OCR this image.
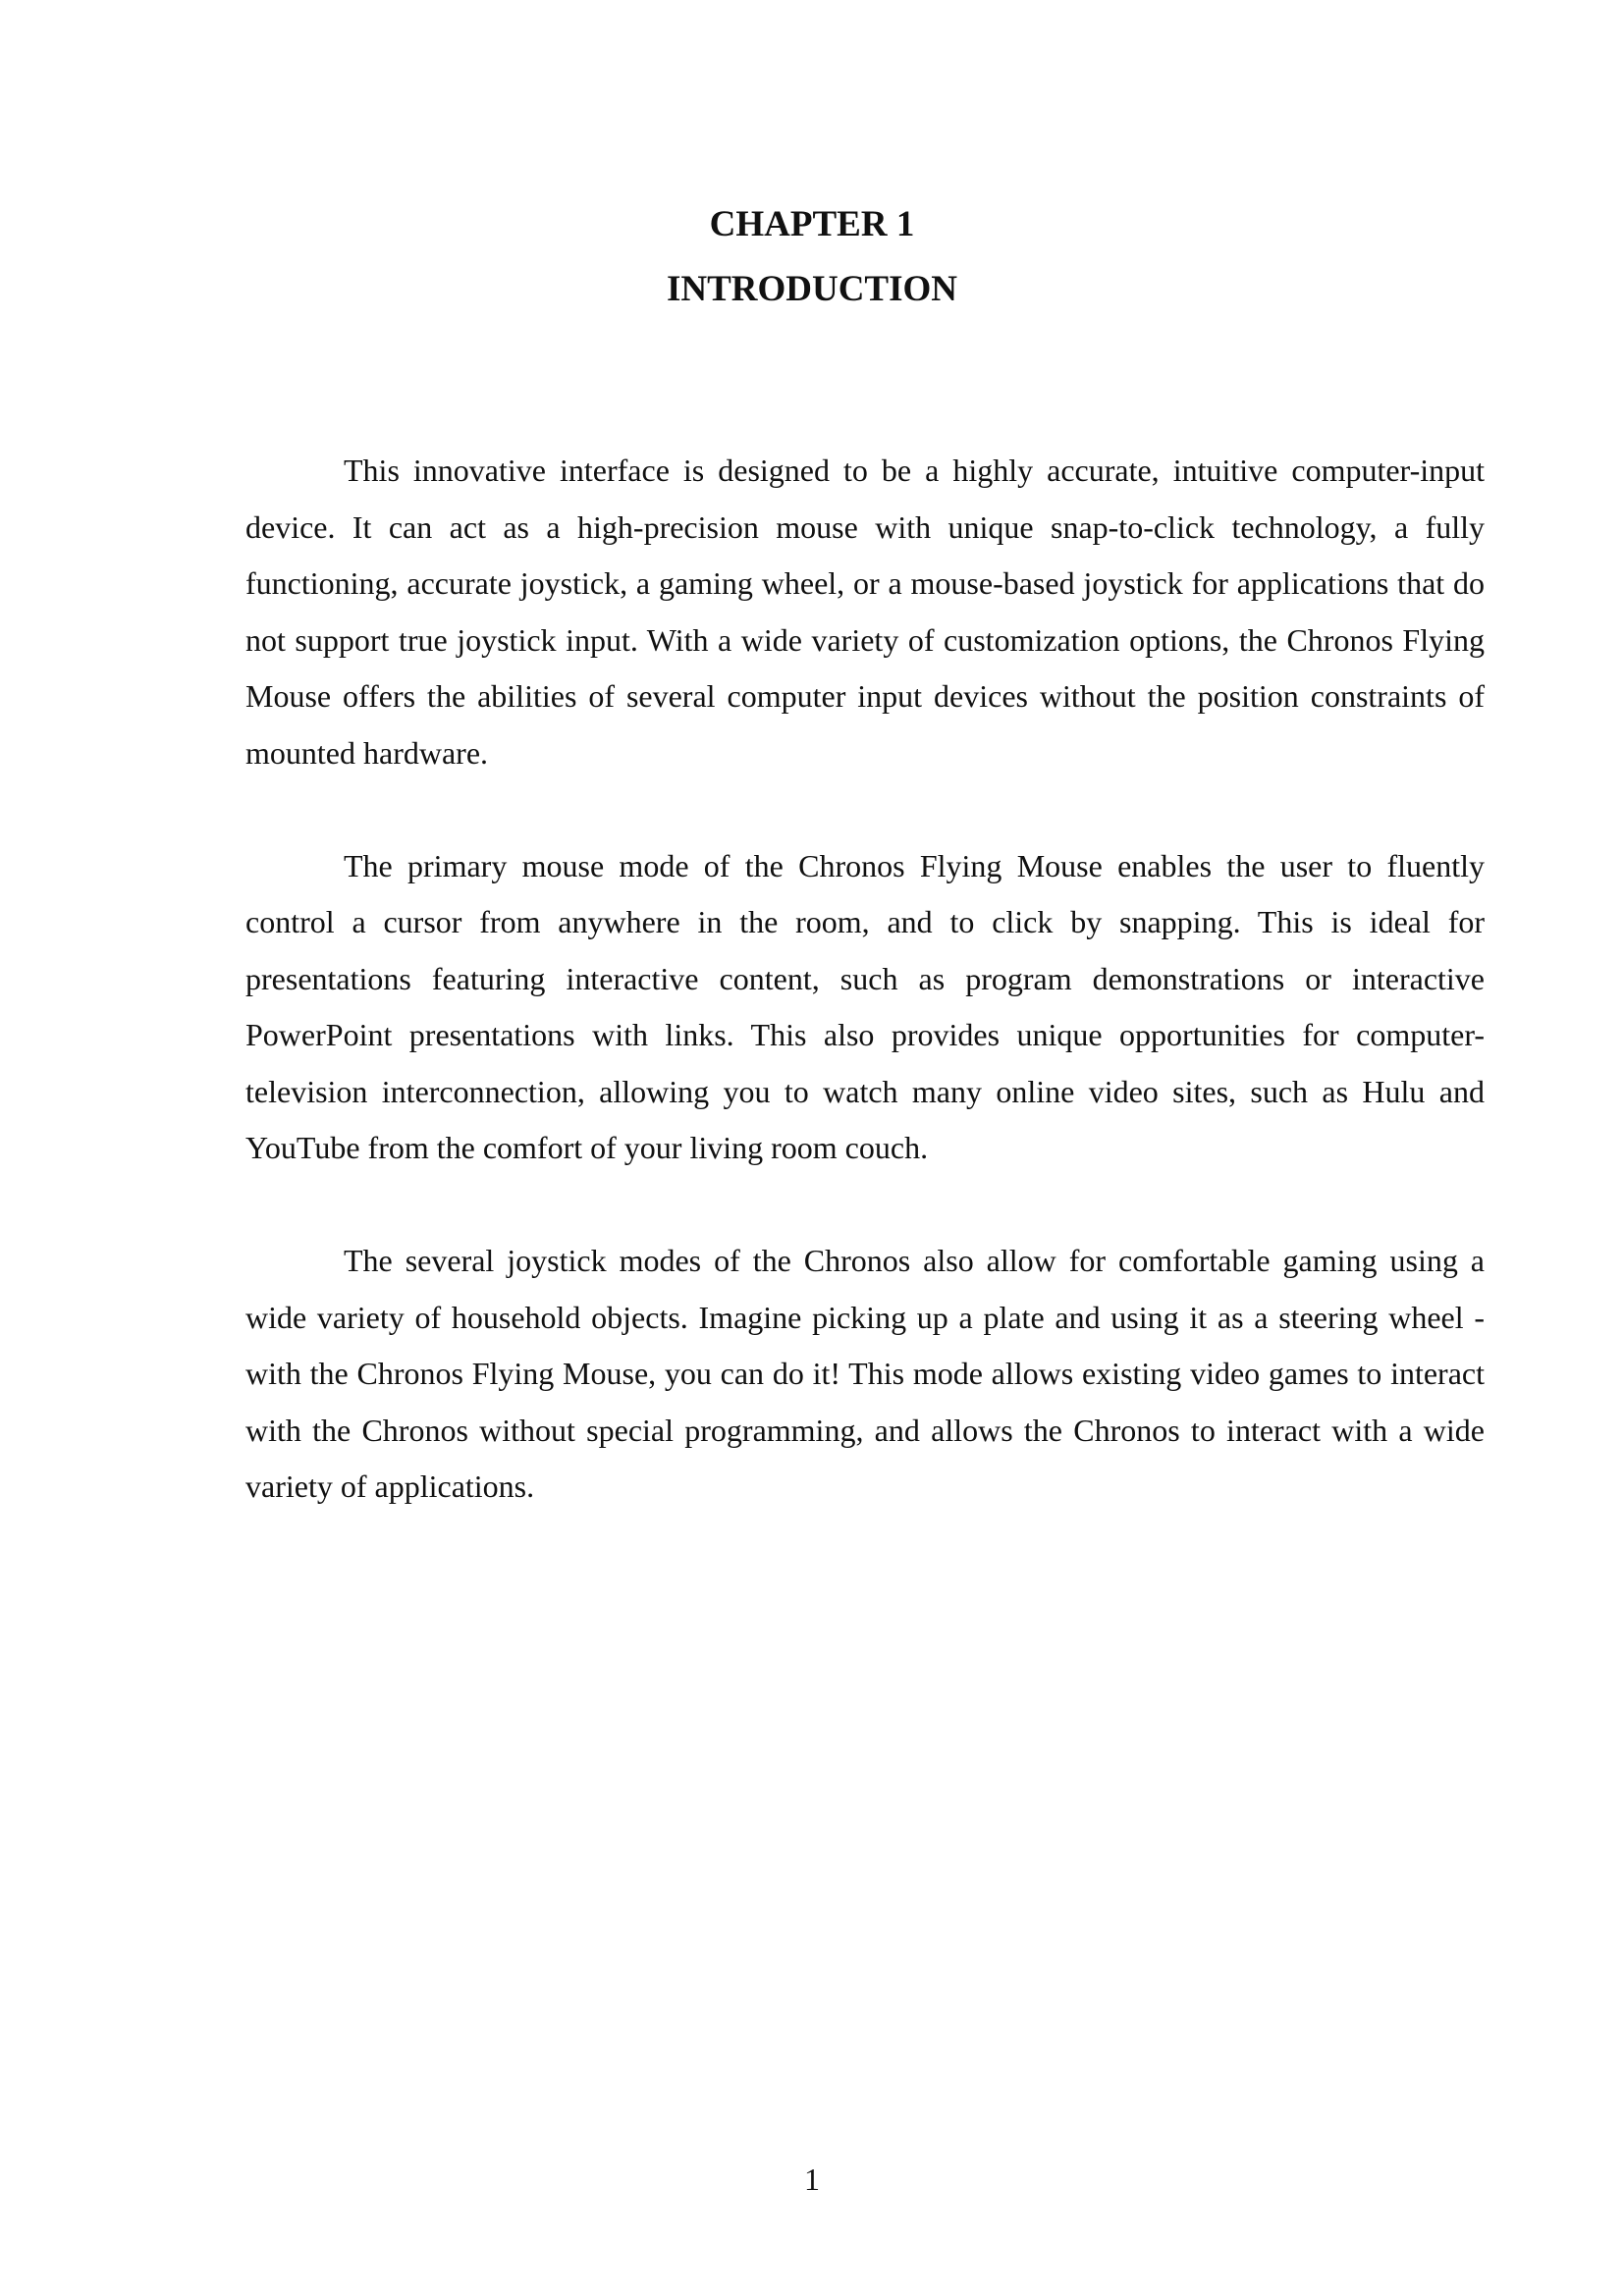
CHAPTER 1
INTRODUCTION

This innovative interface is designed to be a highly accurate, intuitive computer-input device. It can act as a high-precision mouse with unique snap-to-click technology, a fully functioning, accurate joystick, a gaming wheel, or a mouse-based joystick for applications that do not support true joystick input. With a wide variety of customization options, the Chronos Flying Mouse offers the abilities of several computer input devices without the position constraints of mounted hardware.

The primary mouse mode of the Chronos Flying Mouse enables the user to fluently control a cursor from anywhere in the room, and to click by snapping. This is ideal for presentations featuring interactive content, such as program demonstrations or interactive PowerPoint presentations with links. This also provides unique opportunities for computer-television interconnection, allowing you to watch many online video sites, such as Hulu and YouTube from the comfort of your living room couch.

The several joystick modes of the Chronos also allow for comfortable gaming using a wide variety of household objects. Imagine picking up a plate and using it as a steering wheel - with the Chronos Flying Mouse, you can do it! This mode allows existing video games to interact with the Chronos without special programming, and allows the Chronos to interact with a wide variety of applications.

1
